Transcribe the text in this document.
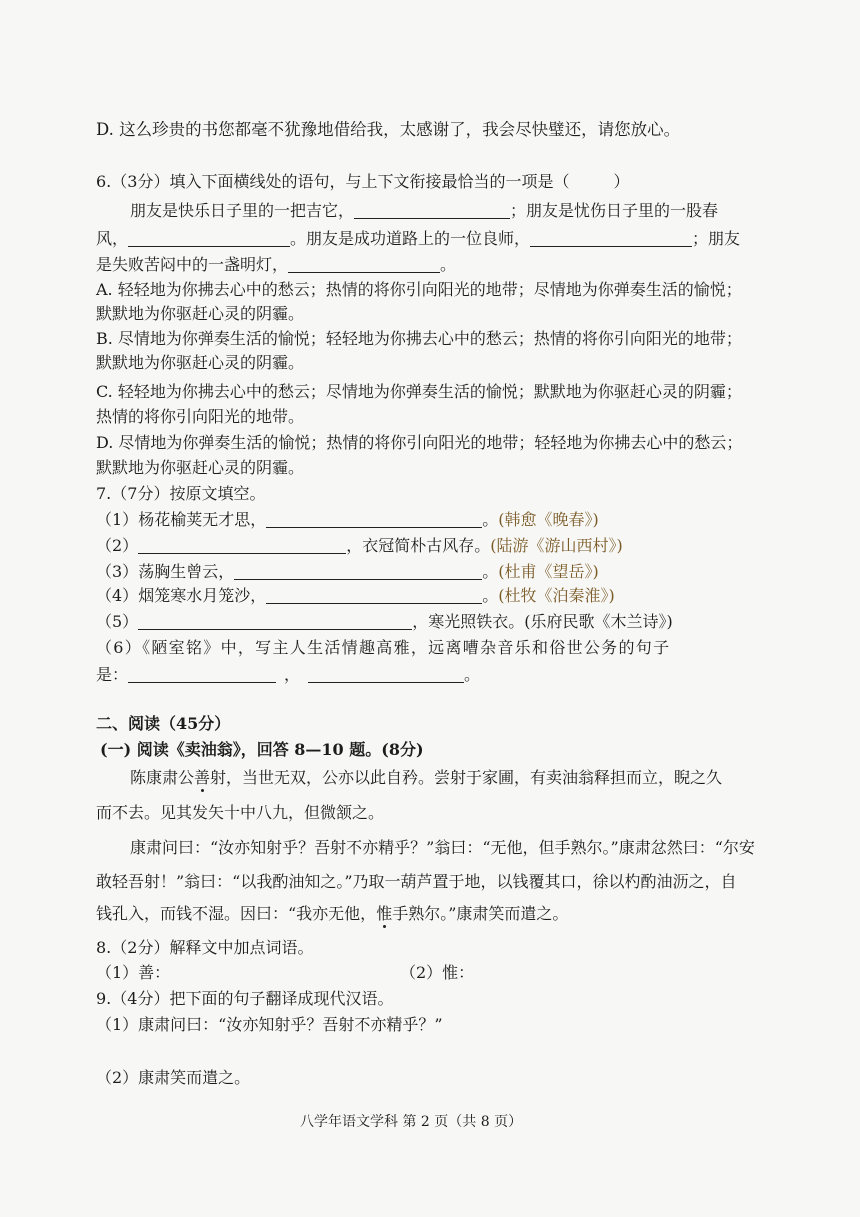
D. 这么珍贵的书您都毫不犹豫地借给我，太感谢了，我会尽快璧还，请您放心。
6.（3分）填入下面横线处的语句，与上下文衔接最恰当的一项是（	）
朋友是快乐日子里的一把吉它，	；朋友是忧伤日子里的一股春
风，	。朋友是成功道路上的一位良师，	；朋友
是失败苦闷中的一盏明灯，	。
A. 轻轻地为你拂去心中的愁云；热情的将你引向阳光的地带；尽情地为你弹奏生活的愉悦；
默默地为你驱赶心灵的阴霾。
B. 尽情地为你弹奏生活的愉悦；轻轻地为你拂去心中的愁云；热情的将你引向阳光的地带；
默默地为你驱赶心灵的阴霾。
C. 轻轻地为你拂去心中的愁云；尽情地为你弹奏生活的愉悦；默默地为你驱赶心灵的阴霾；
热情的将你引向阳光的地带。
D. 尽情地为你弹奏生活的愉悦；热情的将你引向阳光的地带；轻轻地为你拂去心中的愁云；
默默地为你驱赶心灵的阴霾。
7.（7分）按原文填空。
（1）杨花榆荚无才思，	。(韩愈《晚春》)
（2）	，衣冠简朴古风存。(陆游《游山西村》)
（3）荡胸生曾云，	。(杜甫《望岳》)
（4）烟笼寒水月笼沙，	。(杜牧《泊秦淮》)
（5）	，寒光照铁衣。(乐府民歌《木兰诗》)
（6）《陋室铭》中，写主人生活情趣高雅，远离嘈杂音乐和俗世公务的句子
是：	，	。
二、阅读（45分）
(一) 阅读《卖油翁》，回答 8—10 题。(8分)
陈康肃公善射，当世无双，公亦以此自矜。尝射于家圃，有卖油翁释担而立，睨之久
而不去。见其发矢十中八九，但微颔之。
康肃问曰：“汝亦知射乎？吾射不亦精乎？”翁曰：“无他，但手熟尔。”康肃忿然曰：“尔安
敢轻吾射！”翁曰：“以我酌油知之。”乃取一葫芦置于地，以钱覆其口，徐以杓酌油沥之，自
钱孔入，而钱不湿。因曰：“我亦无他，惟手熟尔。”康肃笑而遣之。
8.（2分）解释文中加点词语。
（1）善：	（2）惟：
9.（4分）把下面的句子翻译成现代汉语。
（1）康肃问曰：“汝亦知射乎？吾射不亦精乎？”
（2）康肃笑而遣之。
八学年语文学科 第 2 页（共 8 页）
